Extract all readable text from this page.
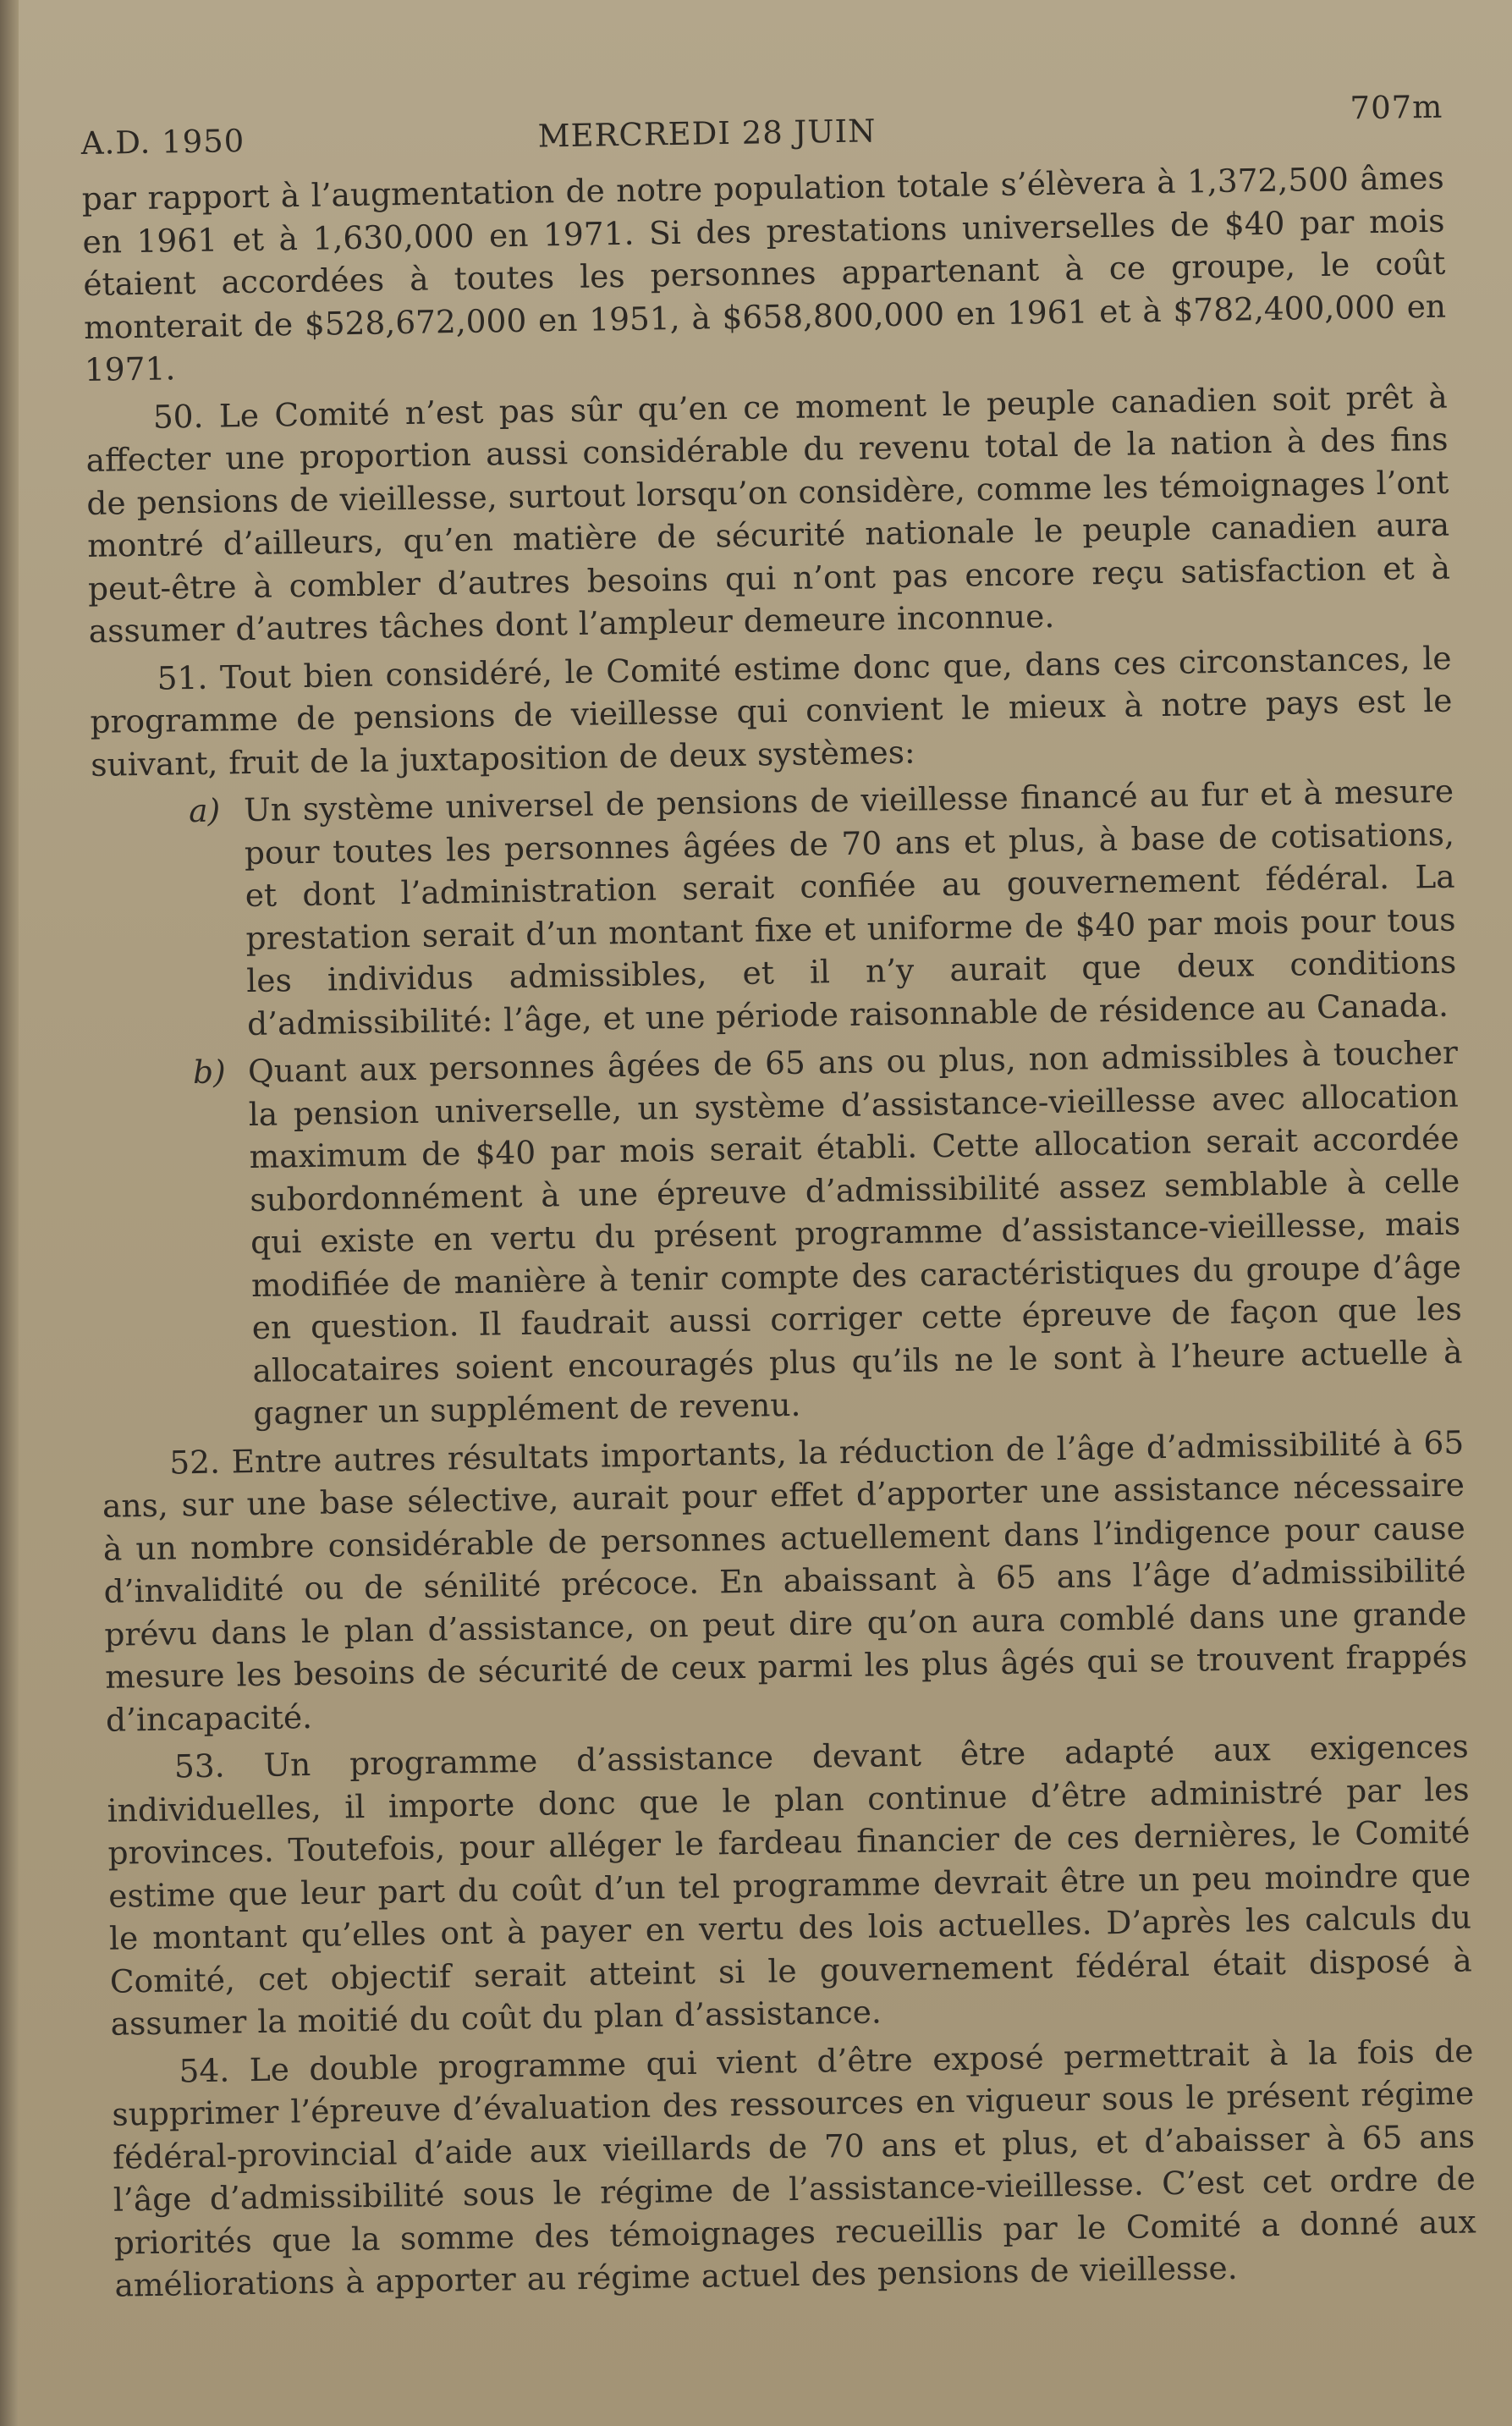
A.D. 1950	MERCREDI 28 JUIN
707m

par rapport à l’augmentation de notre population totale s’élèvera à 1,372,500 âmes en 1961 et à 1,630,000 en 1971. Si des prestations universelles de $40 par mois étaient accordées à toutes les personnes appartenant à ce groupe, le coût monterait de $528,672,000 en 1951, à $658,800,000 en 1961 et à $782,400,000 en 1971.

50. Le Comité n’est pas sûr qu’en ce moment le peuple canadien soit prêt à affecter une proportion aussi considérable du revenu total de la nation à des fins de pensions de vieillesse, surtout lorsqu’on considère, comme les témoignages l’ont montré d’ailleurs, qu’en matière de sécurité nationale le peuple canadien aura peut-être à combler d’autres besoins qui n’ont pas encore reçu satisfaction et à assumer d’autres tâches dont l’ampleur demeure inconnue.

51. Tout bien considéré, le Comité estime donc que, dans ces circonstances, le programme de pensions de vieillesse qui convient le mieux à notre pays est le suivant, fruit de la juxtaposition de deux systèmes:

a) Un système universel de pensions de vieillesse financé au fur et à mesure pour toutes les personnes âgées de 70 ans et plus, à base de cotisations, et dont l’administration serait confiée au gouvernement fédéral. La prestation serait d’un montant fixe et uniforme de $40 par mois pour tous les individus admissibles, et il n’y aurait que deux conditions d’admissibilité: l’âge, et une période raisonnable de résidence au Canada.
b) Quant aux personnes âgées de 65 ans ou plus, non admissibles à toucher la pension universelle, un système d’assistance-vieillesse avec allocation maximum de $40 par mois serait établi. Cette allocation serait accordée subordonnément à une épreuve d’admissibilité assez semblable à celle qui existe en vertu du présent programme d’assistance-vieillesse, mais modifiée de manière à tenir compte des caractéristiques du groupe d’âge en question. Il faudrait aussi corriger cette épreuve de façon que les allocataires soient encouragés plus qu’ils ne le sont à l’heure actuelle à gagner un supplément de revenu.

52. Entre autres résultats importants, la réduction de l’âge d’admissibilité à 65 ans, sur une base sélective, aurait pour effet d’apporter une assistance nécessaire à un nombre considérable de personnes actuellement dans l’indigence pour cause d’invalidité ou de sénilité précoce. En abaissant à 65 ans l’âge d’admissibilité prévu dans le plan d’assistance, on peut dire qu’on aura comblé dans une grande mesure les besoins de sécurité de ceux parmi les plus âgés qui se trouvent frappés d’incapacité.

53. Un programme d’assistance devant être adapté aux exigences individuelles, il importe donc que le plan continue d’être administré par les provinces. Toutefois, pour alléger le fardeau financier de ces dernières, le Comité estime que leur part du coût d’un tel programme devrait être un peu moindre que le montant qu’elles ont à payer en vertu des lois actuelles. D’après les calculs du Comité, cet objectif serait atteint si le gouvernement fédéral était disposé à assumer la moitié du coût du plan d’assistance.

54. Le double programme qui vient d’être exposé permettrait à la fois de supprimer l’épreuve d’évaluation des ressources en vigueur sous le présent régime fédéral-provincial d’aide aux vieillards de 70 ans et plus, et d’abaisser à 65 ans l’âge d’admissibilité sous le régime de l’assistance-vieillesse. C’est cet ordre de priorités que la somme des témoignages recueillis par le Comité a donné aux améliorations à apporter au régime actuel des pensions de vieillesse.
